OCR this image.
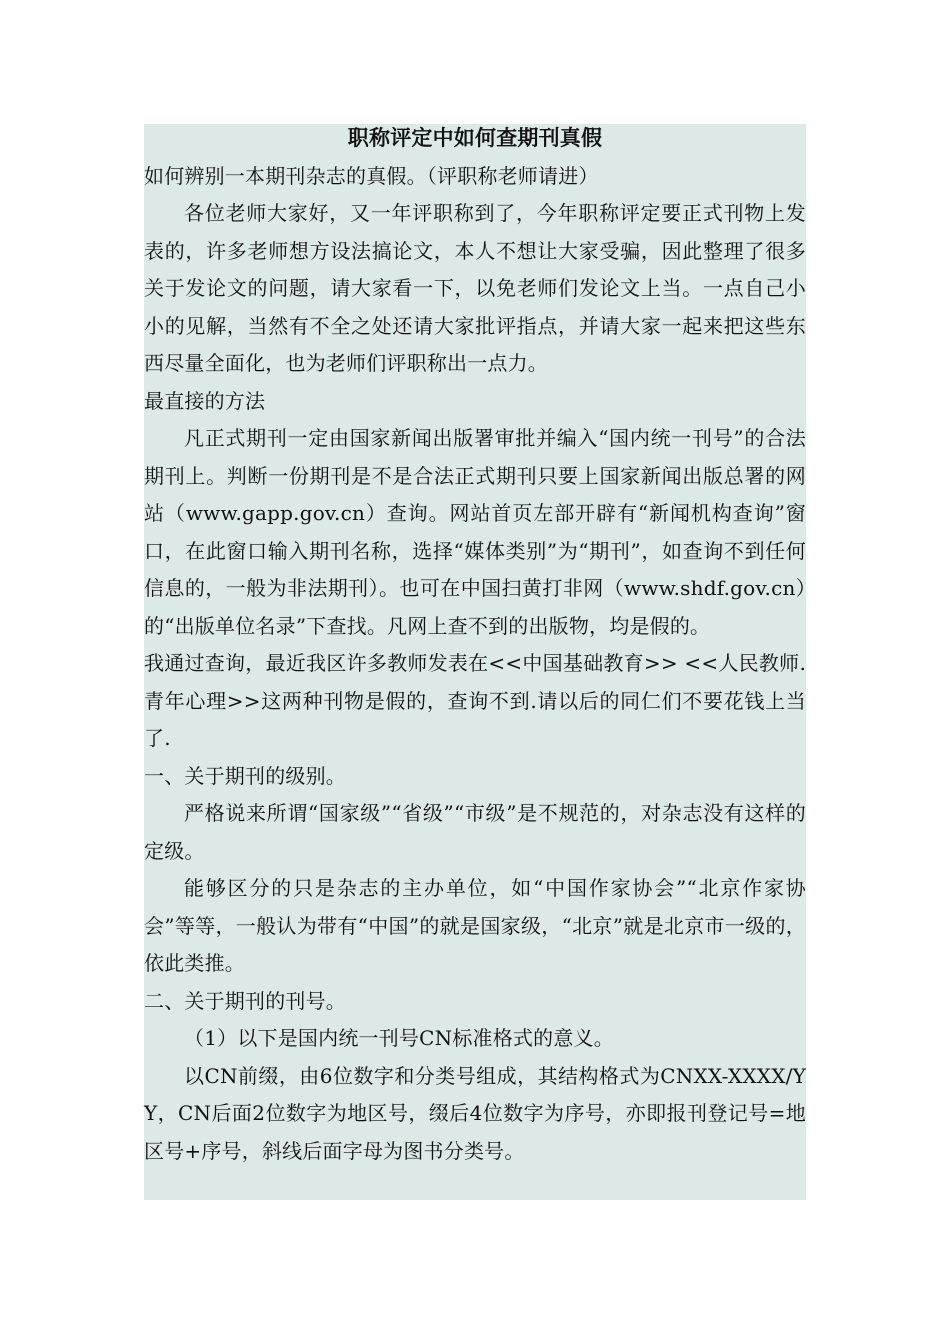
职称评定中如何查期刊真假

如何辨别一本期刊杂志的真假。（评职称老师请进）

各位老师大家好，又一年评职称到了，今年职称评定要正式刊物上发表的，许多老师想方设法搞论文，本人不想让大家受骗，因此整理了很多关于发论文的问题，请大家看一下，以免老师们发论文上当。一点自己小小的见解，当然有不全之处还请大家批评指点，并请大家一起来把这些东西尽量全面化，也为老师们评职称出一点力。

最直接的方法

凡正式期刊一定由国家新闻出版署审批并编入“国内统一刊号”的合法期刊上。判断一份期刊是不是合法正式期刊只要上国家新闻出版总署的网站（www.gapp.gov.cn）查询。网站首页左部开辟有“新闻机构查询”窗口，在此窗口输入期刊名称，选择“媒体类别”为“期刊”，如查询不到任何信息的，一般为非法期刊）。也可在中国扫黄打非网（www.shdf.gov.cn）的“出版单位名录”下查找。凡网上查不到的出版物，均是假的。

我通过查询，最近我区许多教师发表在<<中国基础教育>> <<人民教师.青年心理>>这两种刊物是假的，查询不到.请以后的同仁们不要花钱上当了.

一、关于期刊的级别。

严格说来所谓“国家级”“省级”“市级”是不规范的，对杂志没有这样的定级。

能够区分的只是杂志的主办单位，如“中国作家协会”“北京作家协会”等等，一般认为带有“中国”的就是国家级，“北京”就是北京市一级的，依此类推。

二、关于期刊的刊号。

（1）以下是国内统一刊号CN标准格式的意义。

以CN前缀，由6位数字和分类号组成，其结构格式为CNXX-XXXX/YY，CN后面2位数字为地区号，缀后4位数字为序号，亦即报刊登记号=地区号+序号，斜线后面字母为图书分类号。
